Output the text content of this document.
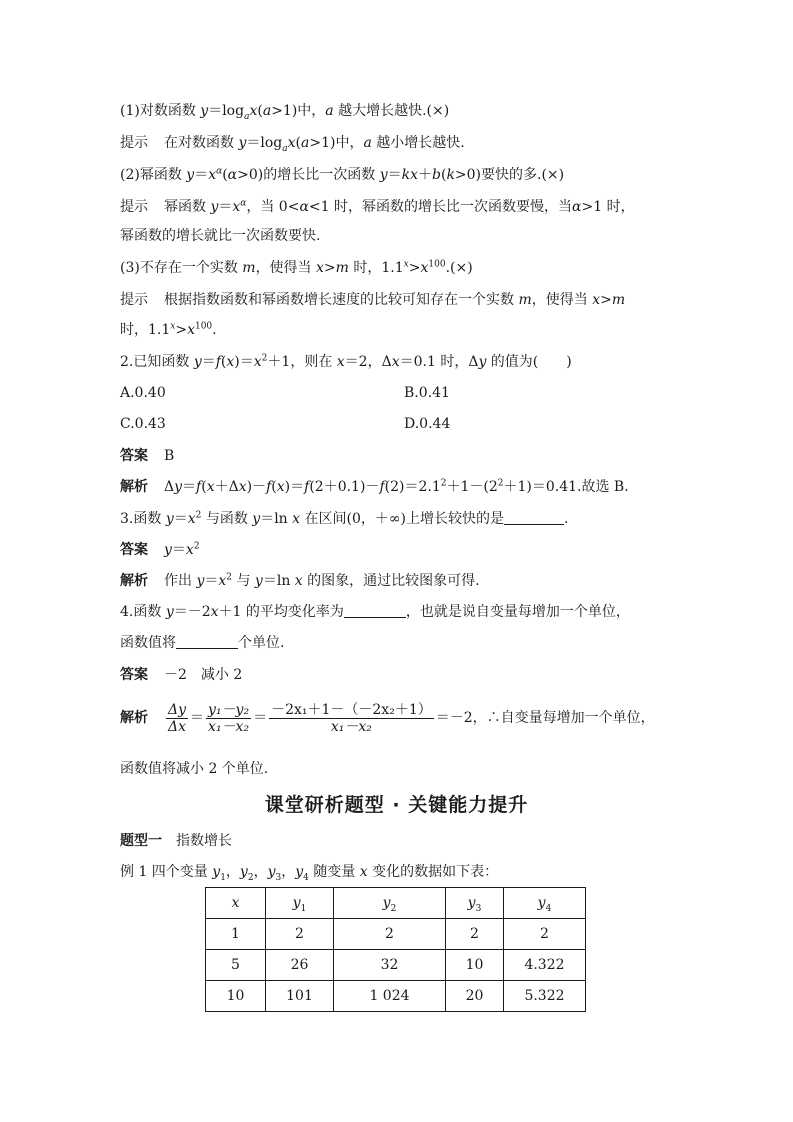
(1)对数函数 $y=\log_ax(a>1)$中，a 越大增长越快.(×)
提示 在对数函数 $y=\log_ax(a>1)$中，a 越小增长越快.
(2)幂函数 $y=x^\alpha(\alpha>0)$的增长比一次函数 y＝kx＋b(k>0)要快的多.(×)
提示 幂函数 $y=x^\alpha$，当 0<α<1 时，幂函数的增长比一次函数要慢，当α>1 时，
幂函数的增长就比一次函数要快.
(3)不存在一个实数 m，使得当 x>m 时，$1.1^x>x^{100}.(\times)$
提示 根据指数函数和幂函数增长速度的比较可知存在一个实数 m，使得当 x>m
时，$1.1^x>x^{100}$.
2.已知函数 $y=f(x)=x^2+1$，则在 x＝2，Δx＝0.1 时，Δy 的值为(　　)
A.0.40	B.0.41
C.0.43	D.0.44
答案 B
解析 $\Delta y=f(x+\Delta x)-f(x)=f(2+0.1)-f(2)=2.1^2+1-(2^2+1)=0.41$.故选 B.
3.函数 $y=x^2$ 与函数 y＝ln x 在区间(0，＋∞)上增长较快的是	.
答案 $y=x^2$
解析 作出 $y=x^2$ 与 y＝ln x 的图象，通过比较图象可得.
4.函数 y＝－2x＋1 的平均变化率为	，也就是说自变量每增加一个单位，
函数值将	个单位.
答案 －2　减小 2
解析 $\frac{\Delta y}{\Delta x} = \frac{\text{y₁－y₂}}{\text{x₁－x₂}} = \frac{\text{－2x₁＋1－（－2x₂＋1）}}{\text{x₁－x₂}} =-2$，∴自变量每增加一个单位，
函数值将减小 2 个单位.
课堂研析题型 · 关键能力提升
题型一 指数增长
例 1 四个变量 $y_1$，$y_2$，$y_3$，$y_4$ 随变量 x 变化的数据如下表：
x	$y_1$	$y_2$	$y_3$	$y_4$
1	2	2	2	2
5	26	32	10	4.322
10	101	1 024	20	5.322
